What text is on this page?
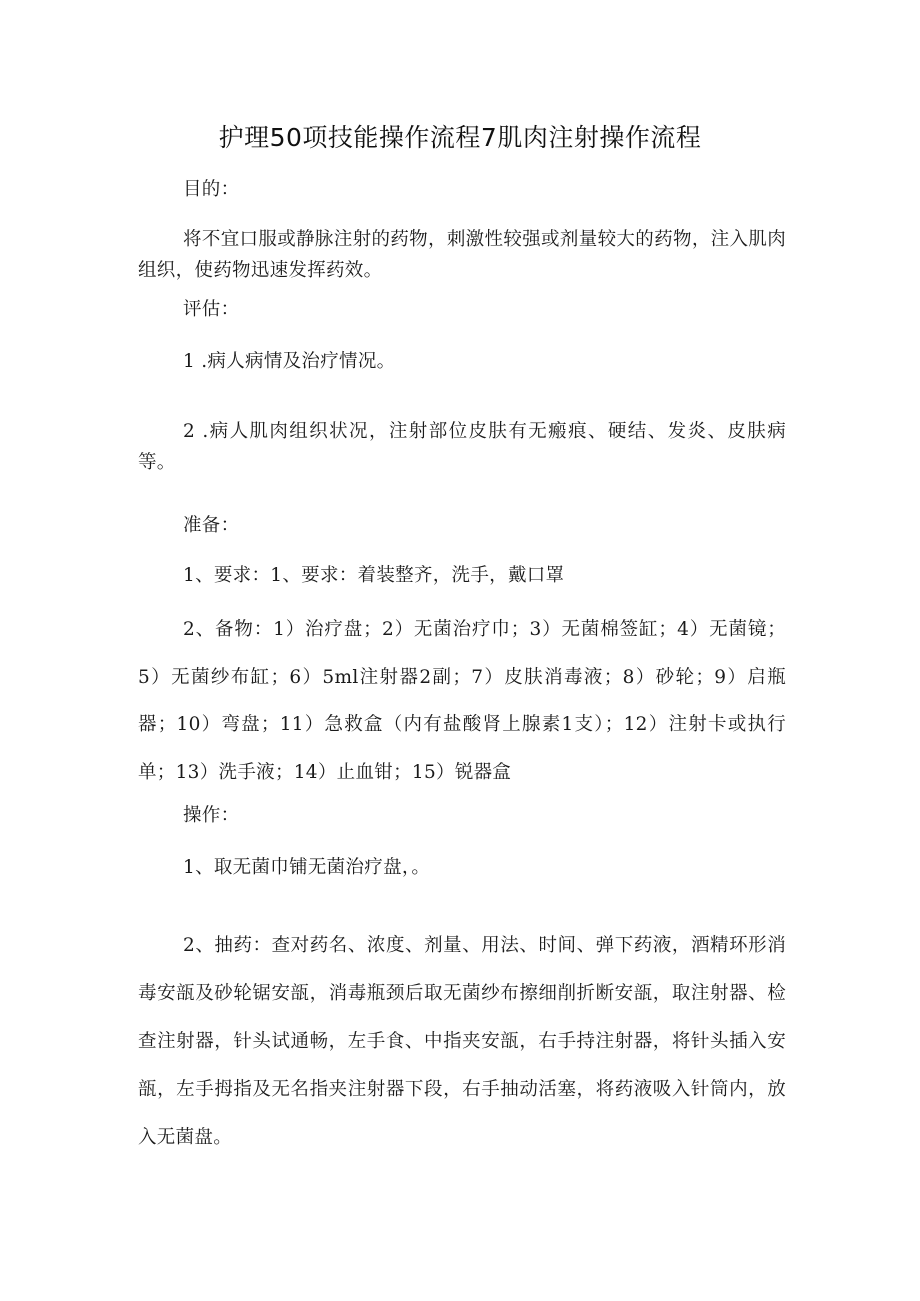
护理50项技能操作流程7肌肉注射操作流程

目的：

将不宜口服或静脉注射的药物，刺激性较强或剂量较大的药物，注入肌肉组织，使药物迅速发挥药效。

评估：

1 .病人病情及治疗情况。

2 .病人肌肉组织状况，注射部位皮肤有无瘢痕、硬结、发炎、皮肤病等。

准备：

1、要求：1、要求：着装整齐，洗手，戴口罩

2、备物：1）治疗盘；2）无菌治疗巾；3）无菌棉签缸；4）无菌镜；5）无菌纱布缸；6）5ml注射器2副；7）皮肤消毒液；8）砂轮；9）启瓶器；10）弯盘；11）急救盒（内有盐酸肾上腺素1支）；12）注射卡或执行单；13）洗手液；14）止血钳；15）锐器盒

操作：

1、取无菌巾铺无菌治疗盘，。

2、抽药：查对药名、浓度、剂量、用法、时间、弹下药液，酒精环形消毒安瓿及砂轮锯安瓿，消毒瓶颈后取无菌纱布擦细削折断安瓿，取注射器、检查注射器，针头试通畅，左手食、中指夹安瓿，右手持注射器，将针头插入安瓿，左手拇指及无名指夹注射器下段，右手抽动活塞，将药液吸入针筒内，放入无菌盘。
